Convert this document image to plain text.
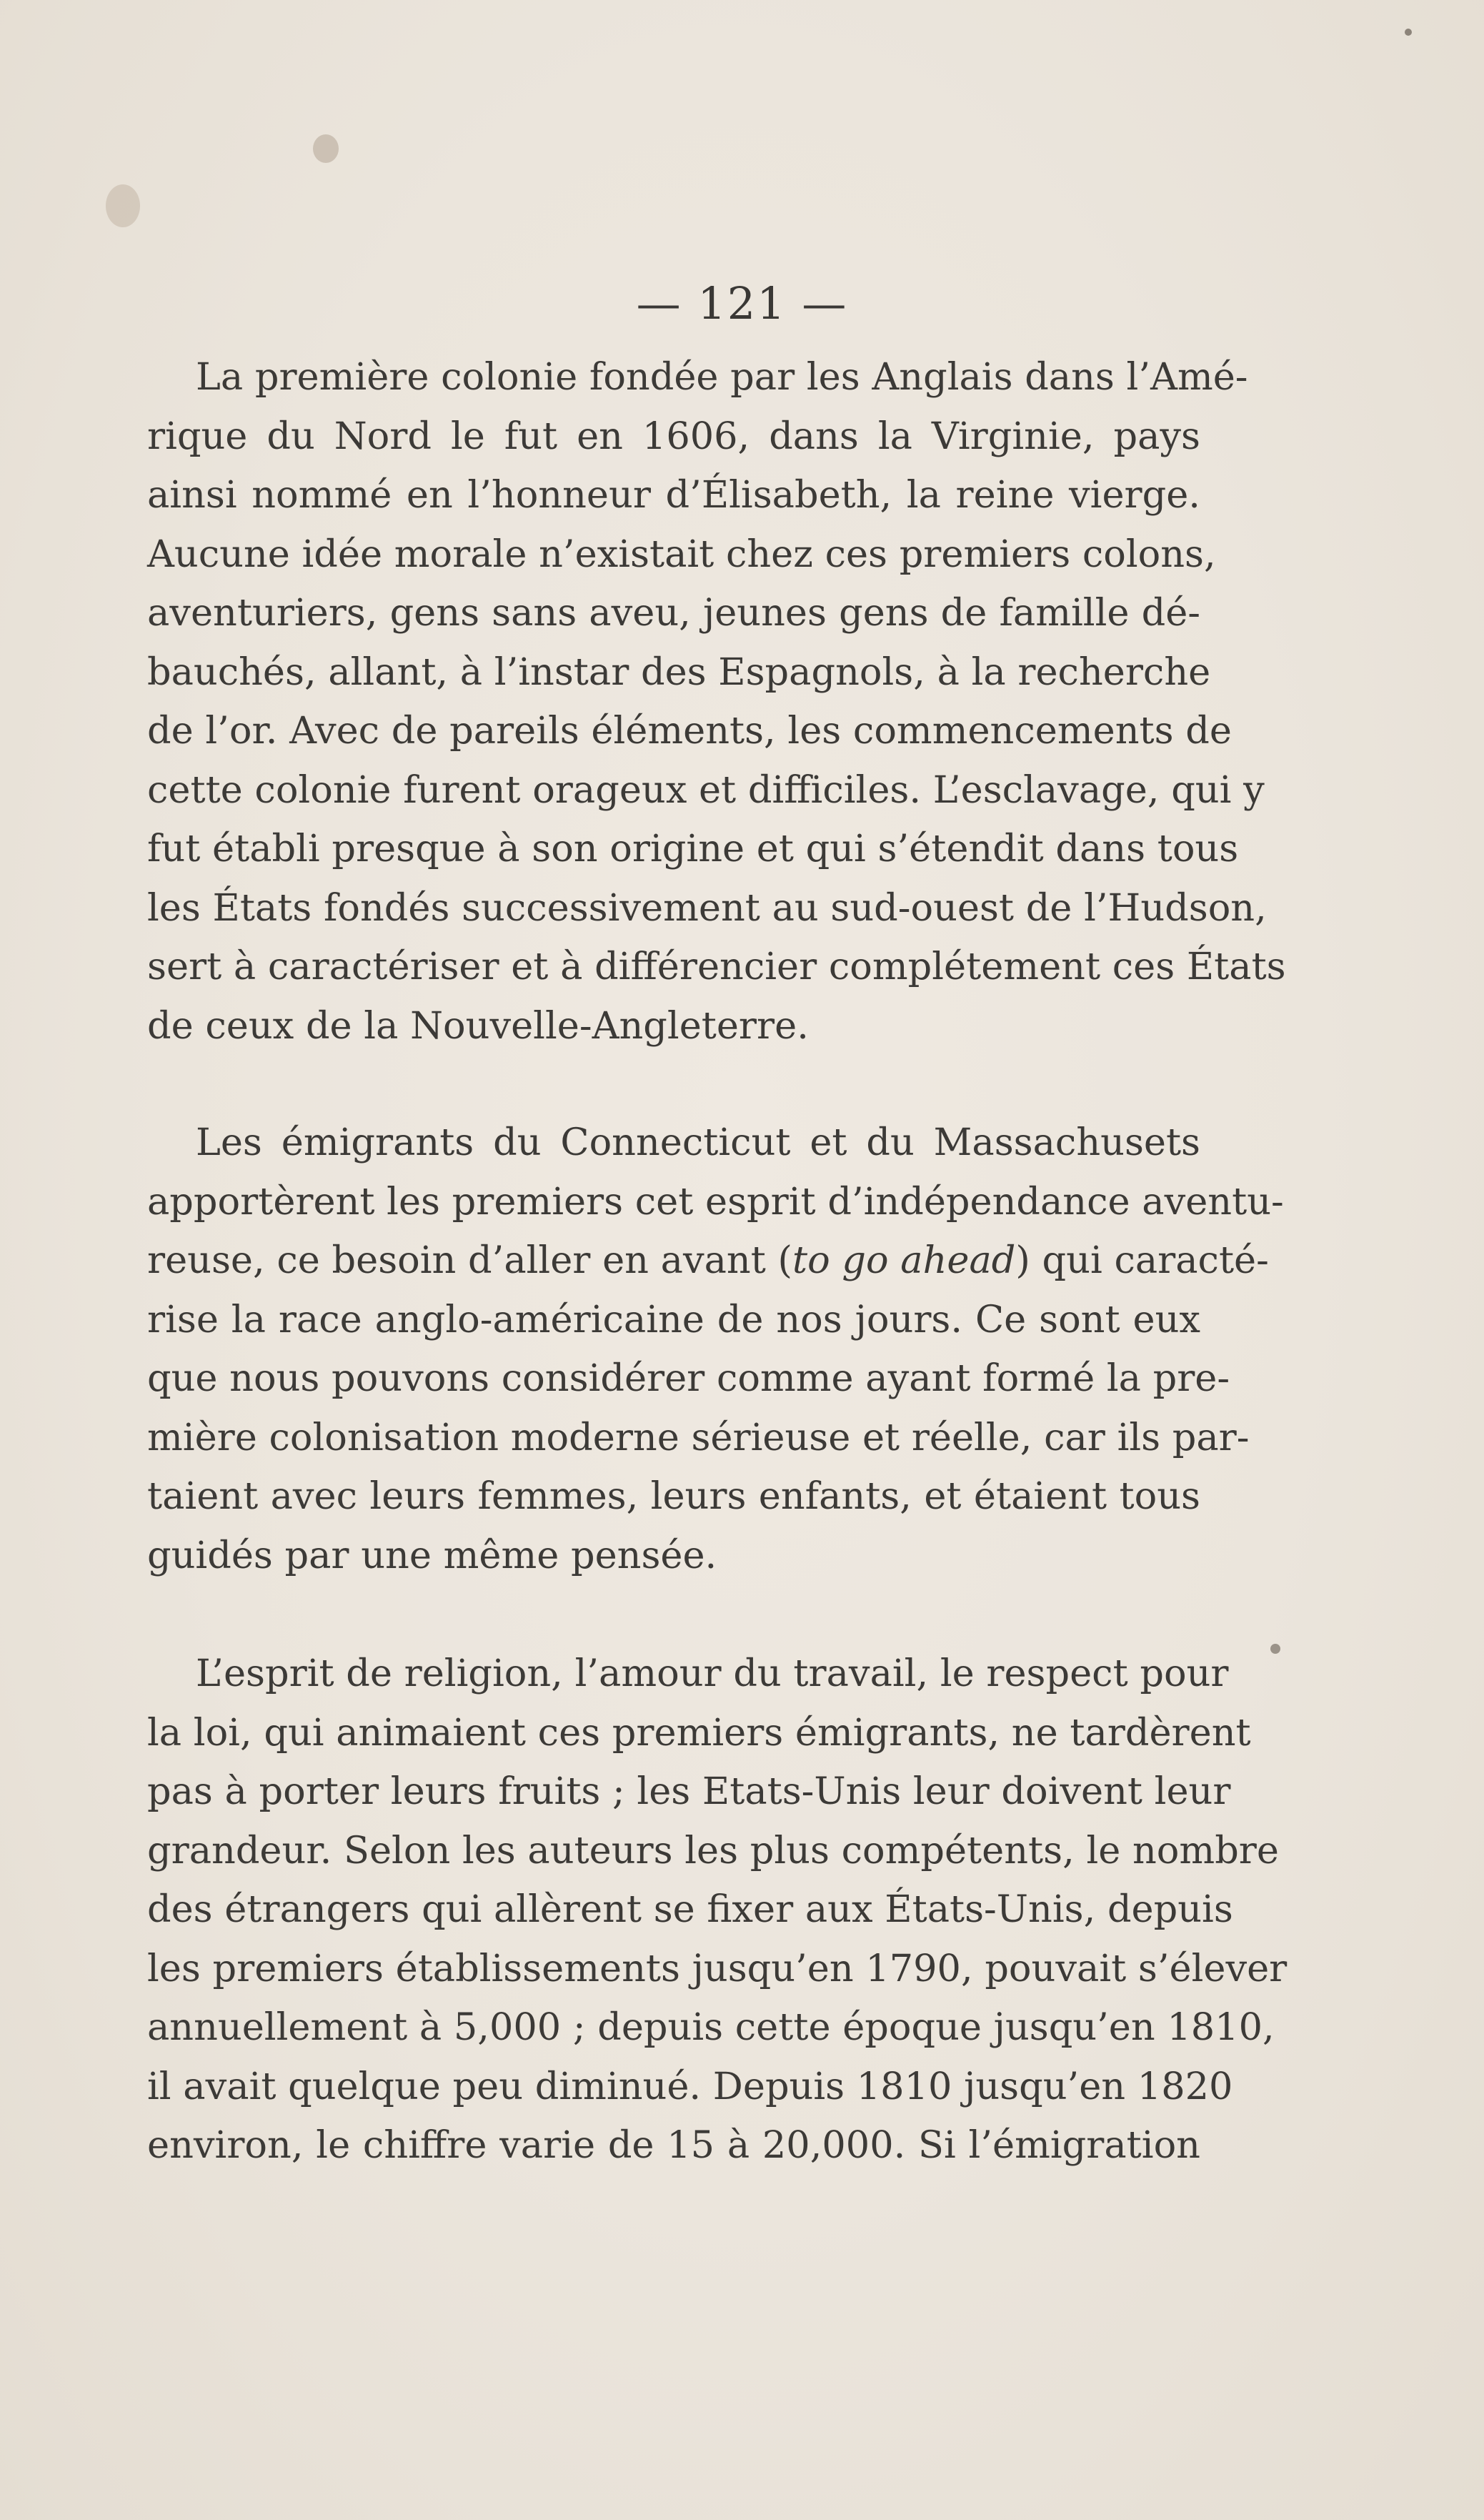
— 121 —
La première colonie fondée par les Anglais dans l’Amé-
rique du Nord le fut en 1606, dans la Virginie, pays
ainsi nommé en l’honneur d’Élisabeth, la reine vierge.
Aucune idée morale n’existait chez ces premiers colons,
aventuriers, gens sans aveu, jeunes gens de famille dé-
bauchés, allant, à l’instar des Espagnols, à la recherche
de l’or. Avec de pareils éléments, les commencements de
cette colonie furent orageux et difficiles. L’esclavage, qui y
fut établi presque à son origine et qui s’étendit dans tous
les États fondés successivement au sud-ouest de l’Hudson,
sert à caractériser et à différencier complétement ces États
de ceux de la Nouvelle-Angleterre.
Les émigrants du Connecticut et du Massachusets
apportèrent les premiers cet esprit d’indépendance aventu-
reuse, ce besoin d’aller en avant (to go ahead) qui caracté-
rise la race anglo-américaine de nos jours. Ce sont eux
que nous pouvons considérer comme ayant formé la pre-
mière colonisation moderne sérieuse et réelle, car ils par-
taient avec leurs femmes, leurs enfants, et étaient tous
guidés par une même pensée.
L’esprit de religion, l’amour du travail, le respect pour
la loi, qui animaient ces premiers émigrants, ne tardèrent
pas à porter leurs fruits ; les Etats-Unis leur doivent leur
grandeur. Selon les auteurs les plus compétents, le nombre
des étrangers qui allèrent se fixer aux États-Unis, depuis
les premiers établissements jusqu’en 1790, pouvait s’élever
annuellement à 5,000 ; depuis cette époque jusqu’en 1810,
il avait quelque peu diminué. Depuis 1810 jusqu’en 1820
environ, le chiffre varie de 15 à 20,000. Si l’émigration
